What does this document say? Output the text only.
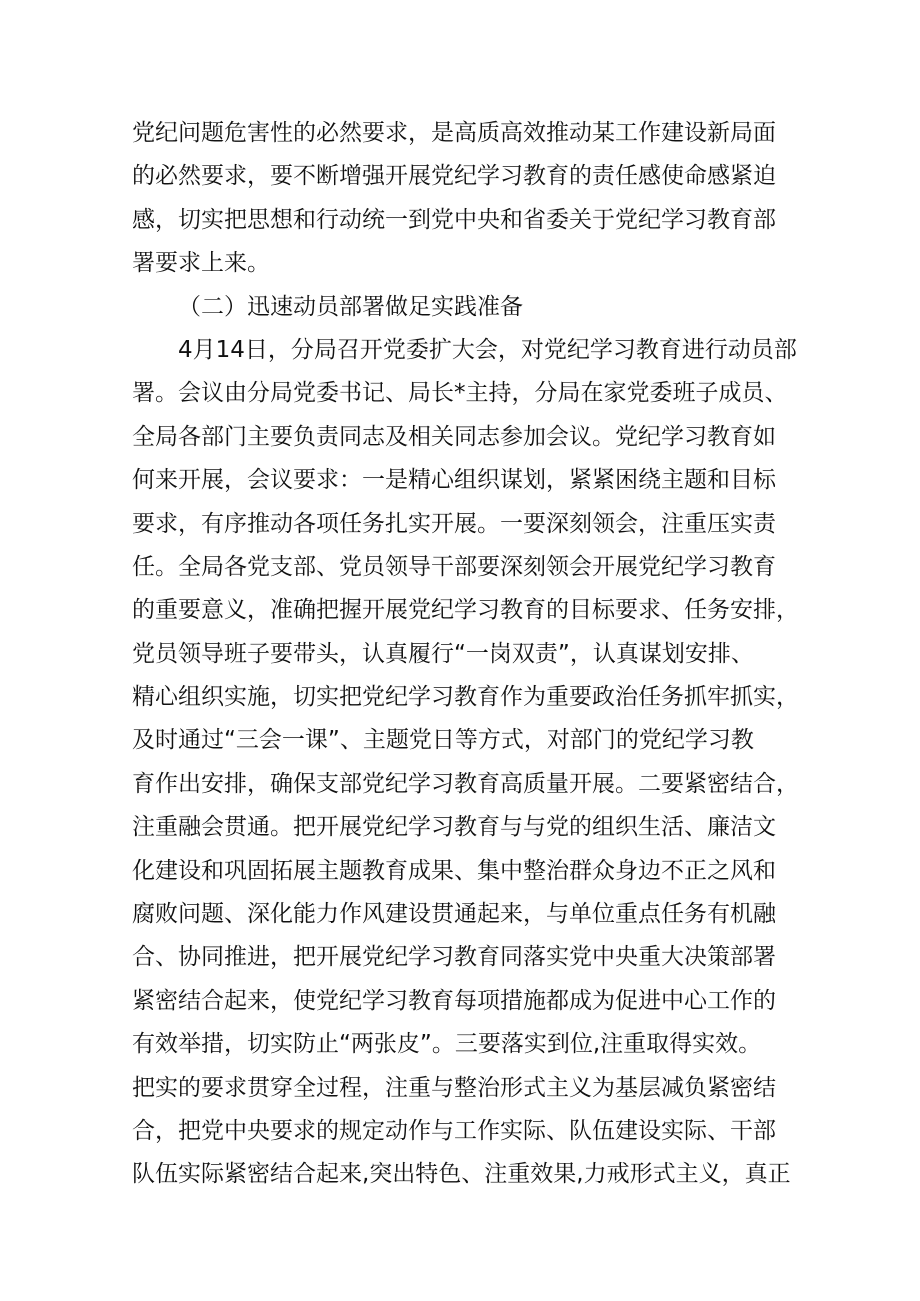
党纪问题危害性的必然要求，是高质高效推动某工作建设新局面
的必然要求，要不断增强开展党纪学习教育的责任感使命感紧迫
感，切实把思想和行动统一到党中央和省委关于党纪学习教育部
署要求上来。
（二）迅速动员部署做足实践准备
4月14日，分局召开党委扩大会，对党纪学习教育进行动员部
署。会议由分局党委书记、局长*主持，分局在家党委班子成员、
全局各部门主要负责同志及相关同志参加会议。党纪学习教育如
何来开展，会议要求：一是精心组织谋划，紧紧困绕主题和目标
要求，有序推动各项任务扎实开展。一要深刻领会，注重压实责
任。全局各党支部、党员领导干部要深刻领会开展党纪学习教育
的重要意义，准确把握开展党纪学习教育的目标要求、任务安排，
党员领导班子要带头，认真履行“一岗双责”，认真谋划安排、
精心组织实施，切实把党纪学习教育作为重要政治任务抓牢抓实，
及时通过“三会一课”、主题党日等方式，对部门的党纪学习教
育作出安排，确保支部党纪学习教育高质量开展。二要紧密结合，
注重融会贯通。把开展党纪学习教育与与党的组织生活、廉洁文
化建设和巩固拓展主题教育成果、集中整治群众身边不正之风和
腐败问题、深化能力作风建设贯通起来，与单位重点任务有机融
合、协同推进，把开展党纪学习教育同落实党中央重大决策部署
紧密结合起来，使党纪学习教育每项措施都成为促进中心工作的
有效举措，切实防止“两张皮”。三要落实到位,注重取得实效。
把实的要求贯穿全过程，注重与整治形式主义为基层减负紧密结
合，把党中央要求的规定动作与工作实际、队伍建设实际、干部
队伍实际紧密结合起来,突出特色、注重效果,力戒形式主义，真正
